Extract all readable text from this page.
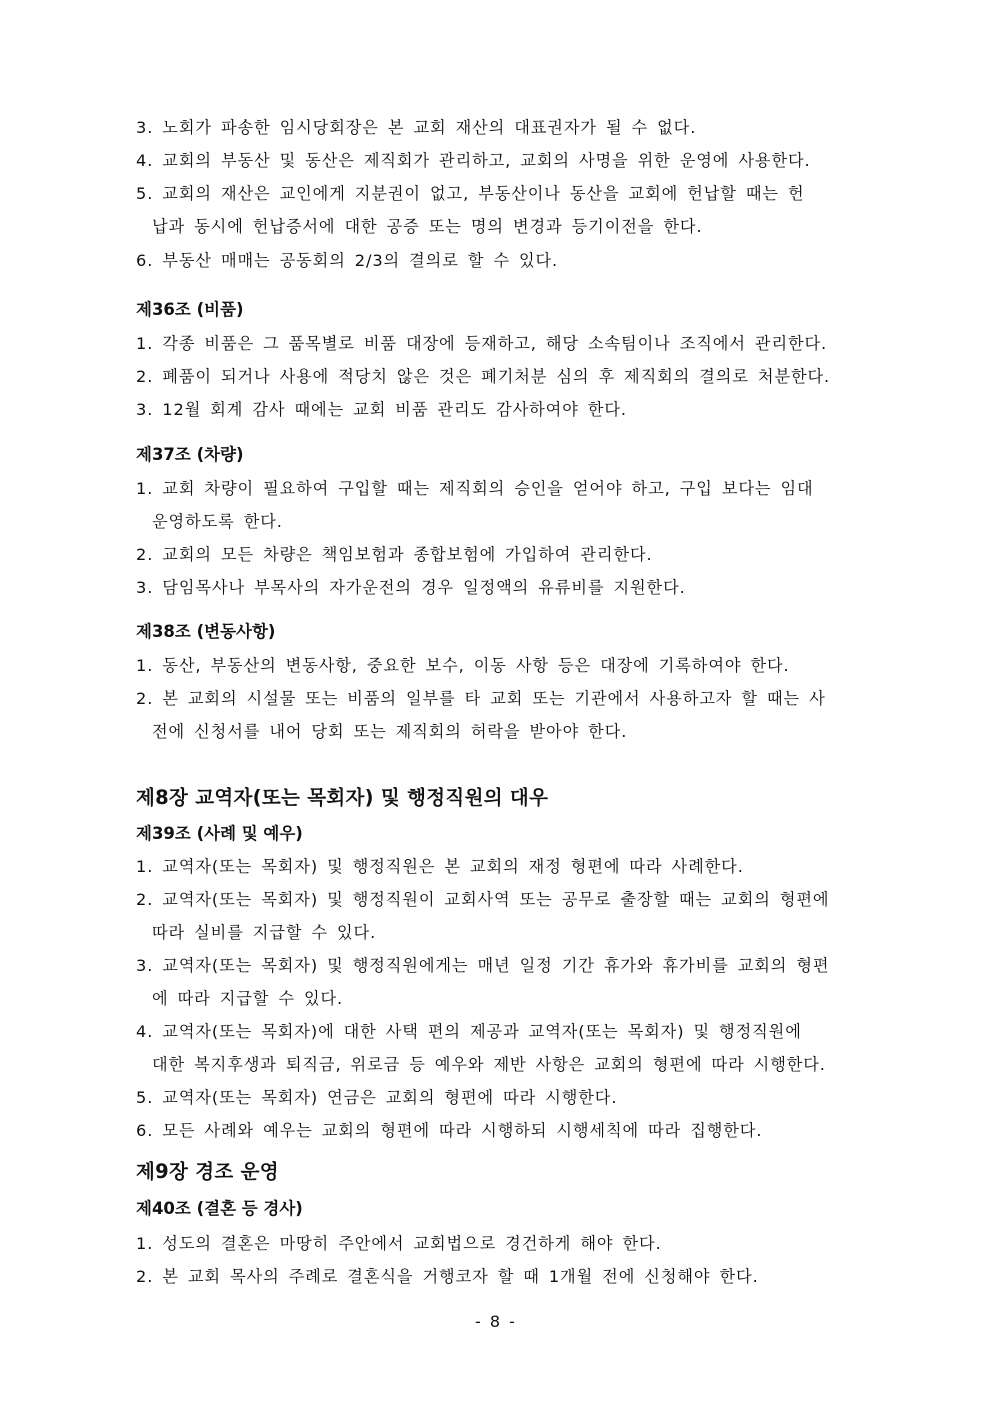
3. 노회가 파송한 임시당회장은 본 교회 재산의 대표권자가 될 수 없다.
4. 교회의 부동산 및 동산은 제직회가 관리하고, 교회의 사명을 위한 운영에 사용한다.
5. 교회의 재산은 교인에게 지분권이 없고, 부동산이나 동산을 교회에 헌납할 때는 헌
납과 동시에 헌납증서에 대한 공증 또는 명의 변경과 등기이전을 한다.
6. 부동산 매매는 공동회의 2/3의 결의로 할 수 있다.
제36조 (비품)
1. 각종 비품은 그 품목별로 비품 대장에 등재하고, 해당 소속팀이나 조직에서 관리한다.
2. 폐품이 되거나 사용에 적당치 않은 것은 폐기처분 심의 후 제직회의 결의로 처분한다.
3. 12월 회계 감사 때에는 교회 비품 관리도 감사하여야 한다.
제37조 (차량)
1. 교회 차량이 필요하여 구입할 때는 제직회의 승인을 얻어야 하고, 구입 보다는 임대
운영하도록 한다.
2. 교회의 모든 차량은 책임보험과 종합보험에 가입하여 관리한다.
3. 담임목사나 부목사의 자가운전의 경우 일정액의 유류비를 지원한다.
제38조 (변동사항)
1. 동산, 부동산의 변동사항, 중요한 보수, 이동 사항 등은 대장에 기록하여야 한다.
2. 본 교회의 시설물 또는 비품의 일부를 타 교회 또는 기관에서 사용하고자 할 때는 사
전에 신청서를 내어 당회 또는 제직회의 허락을 받아야 한다.
제8장 교역자(또는 목회자) 및 행정직원의 대우
제39조 (사례 및 예우)
1. 교역자(또는 목회자) 및 행정직원은 본 교회의 재정 형편에 따라 사례한다.
2. 교역자(또는 목회자) 및 행정직원이 교회사역 또는 공무로 출장할 때는 교회의 형편에
따라 실비를 지급할 수 있다.
3. 교역자(또는 목회자) 및 행정직원에게는 매년 일정 기간 휴가와 휴가비를 교회의 형편
에 따라 지급할 수 있다.
4. 교역자(또는 목회자)에 대한 사택 편의 제공과 교역자(또는 목회자) 및 행정직원에
대한 복지후생과 퇴직금, 위로금 등 예우와 제반 사항은 교회의 형편에 따라 시행한다.
5. 교역자(또는 목회자) 연금은 교회의 형편에 따라 시행한다.
6. 모든 사례와 예우는 교회의 형편에 따라 시행하되 시행세칙에 따라 집행한다.
제9장 경조 운영
제40조 (결혼 등 경사)
1. 성도의 결혼은 마땅히 주안에서 교회법으로 경건하게 해야 한다.
2. 본 교회 목사의 주례로 결혼식을 거행코자 할 때 1개월 전에 신청해야 한다.
- 8 -
